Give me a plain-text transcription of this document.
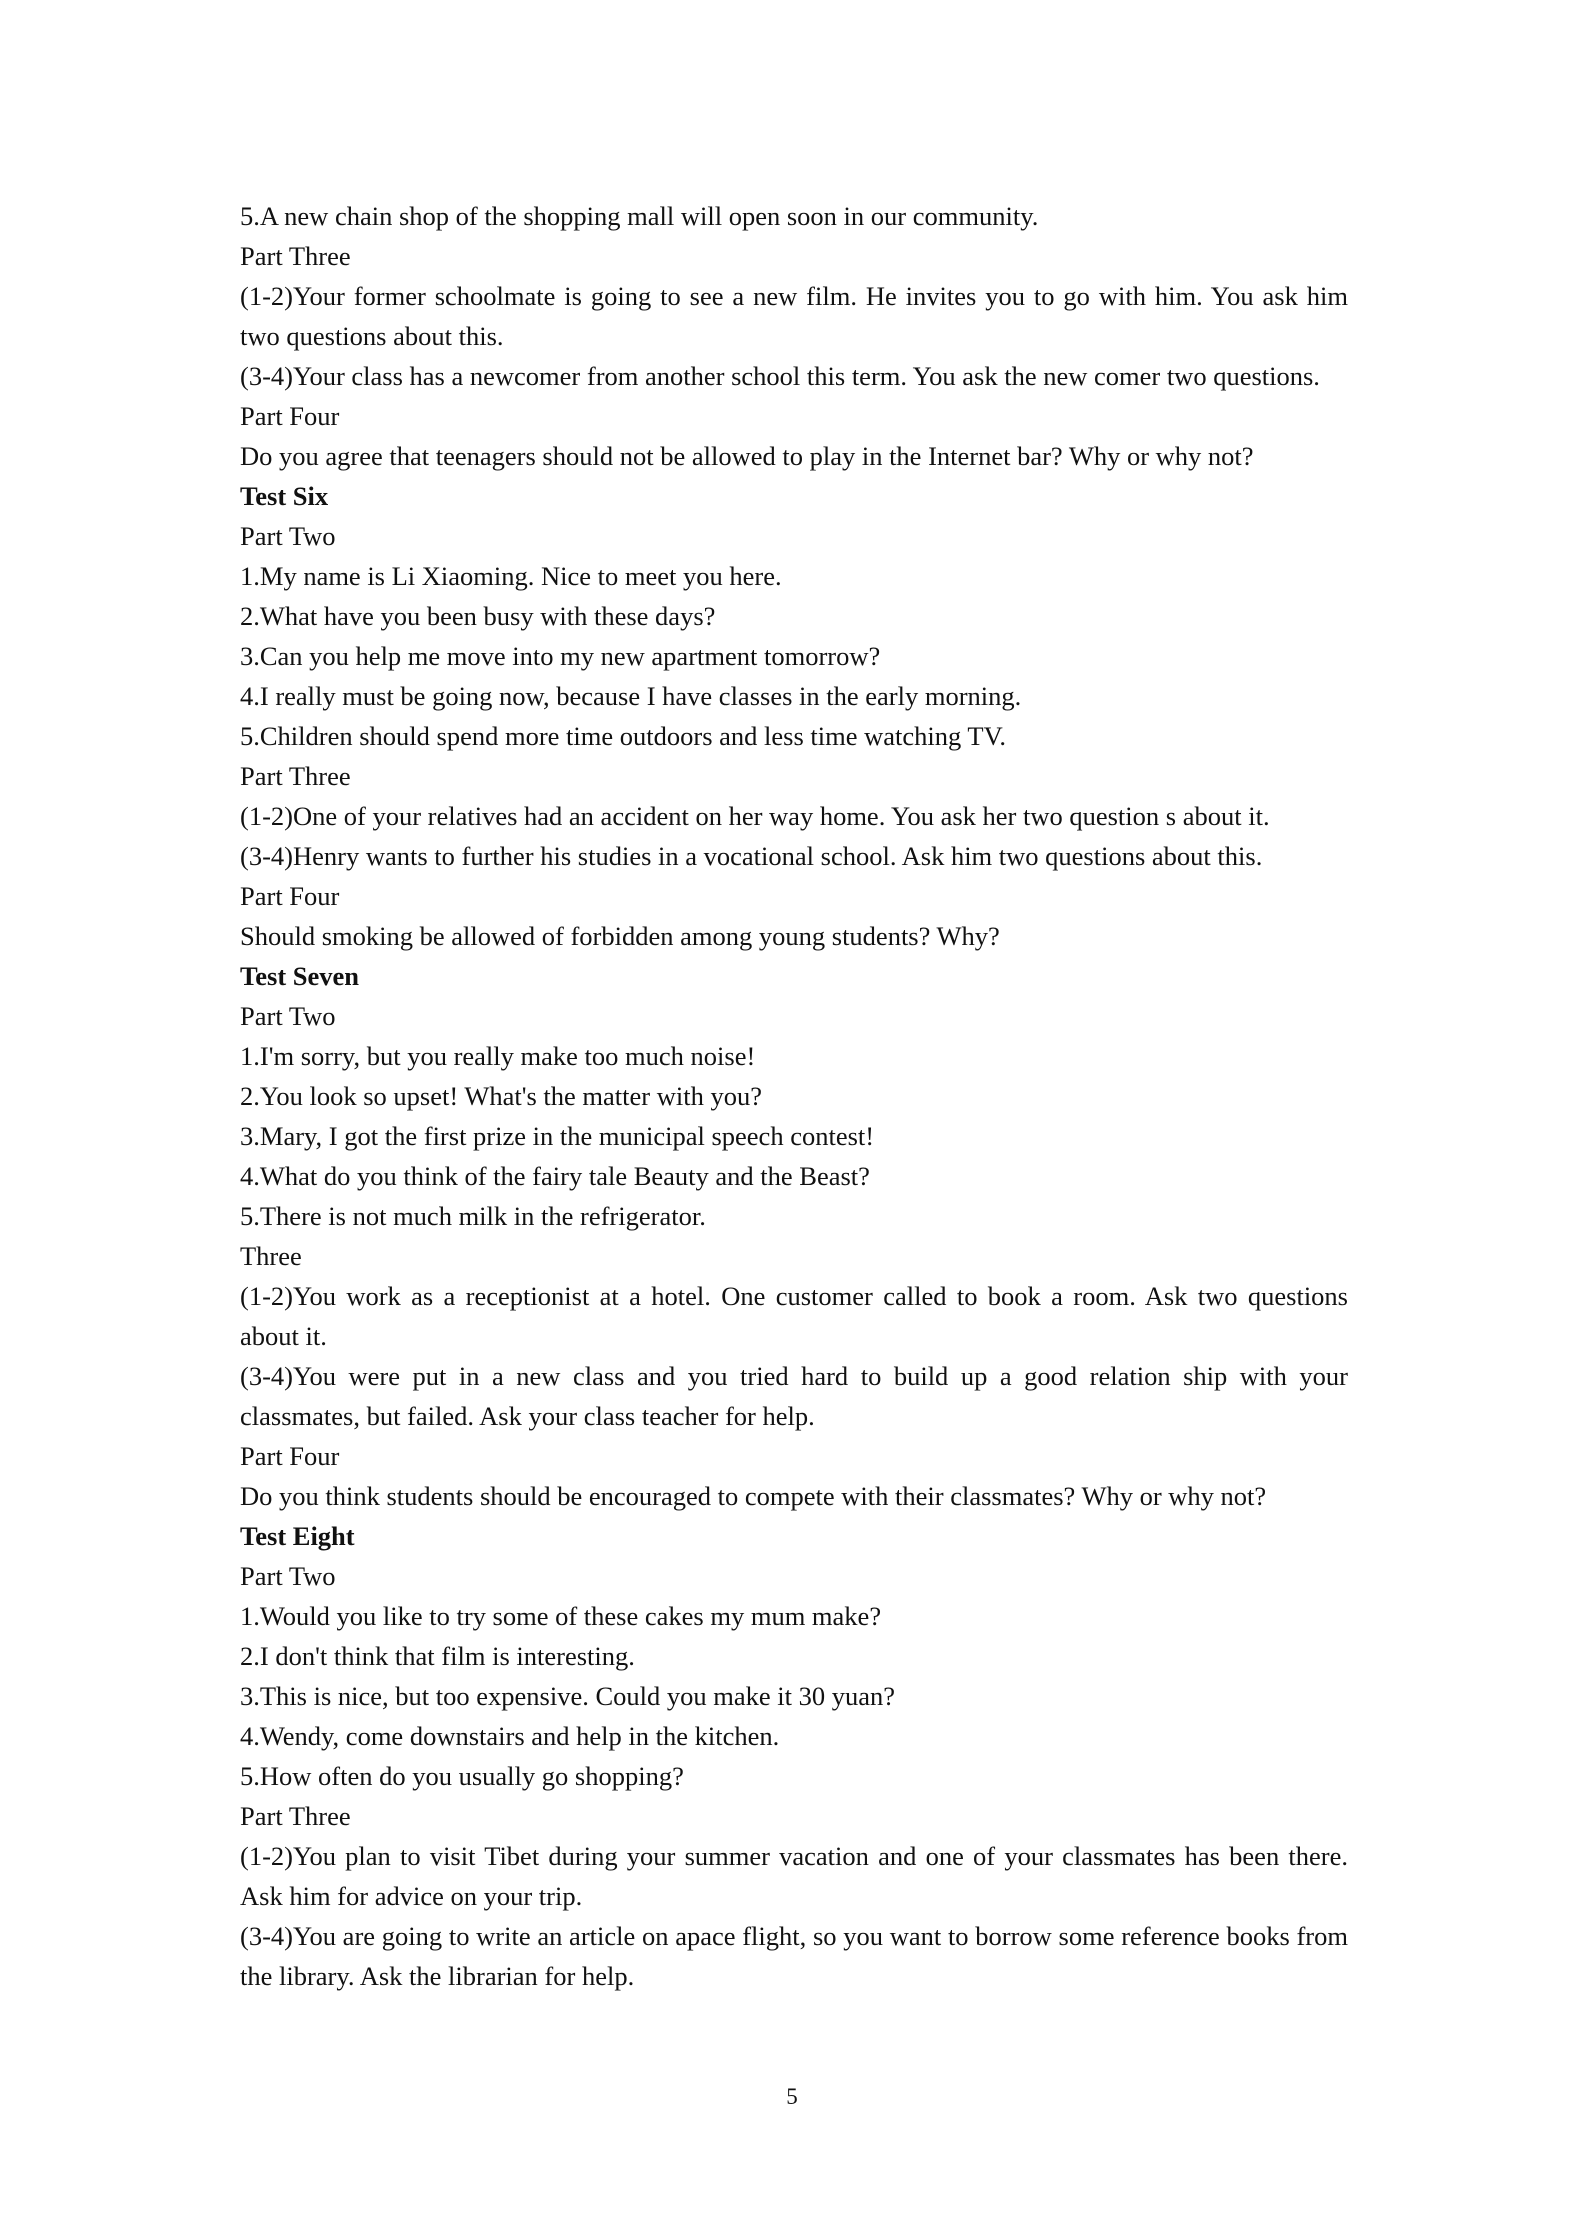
5.A new chain shop of the shopping mall will open soon in our community.

Part Three

(1-2)Your former schoolmate is going to see a new film. He invites you to go with him. You ask him two questions about this.

(3-4)Your class has a newcomer from another school this term. You ask the new comer two questions.

Part Four

Do you agree that teenagers should not be allowed to play in the Internet bar? Why or why not?

Test Six

Part Two

1.My name is Li Xiaoming. Nice to meet you here.

2.What have you been busy with these days?

3.Can you help me move into my new apartment tomorrow?

4.I really must be going now, because I have classes in the early morning.

5.Children should spend more time outdoors and less time watching TV.

Part Three

(1-2)One of your relatives had an accident on her way home. You ask her two question s about it.

(3-4)Henry wants to further his studies in a vocational school. Ask him two questions about this.

Part Four

Should smoking be allowed of forbidden among young students? Why?

Test Seven

Part Two

1.I'm sorry, but you really make too much noise!

2.You look so upset! What's the matter with you?

3.Mary, I got the first prize in the municipal speech contest!

4.What do you think of the fairy tale Beauty and the Beast?

5.There is not much milk in the refrigerator.

Three

(1-2)You work as a receptionist at a hotel. One customer called to book a room. Ask two questions about it.

(3-4)You were put in a new class and you tried hard to build up a good relation ship with your classmates, but failed. Ask your class teacher for help.

Part Four

Do you think students should be encouraged to compete with their classmates? Why or why not?

Test Eight

Part Two

1.Would you like to try some of these cakes my mum make?

2.I don't think that film is interesting.

3.This is nice, but too expensive. Could you make it 30 yuan?

4.Wendy, come downstairs and help in the kitchen.

5.How often do you usually go shopping?

Part Three

(1-2)You plan to visit Tibet during your summer vacation and one of your classmates has been there. Ask him for advice on your trip.

(3-4)You are going to write an article on apace flight, so you want to borrow some reference books from the library. Ask the librarian for help.

5
